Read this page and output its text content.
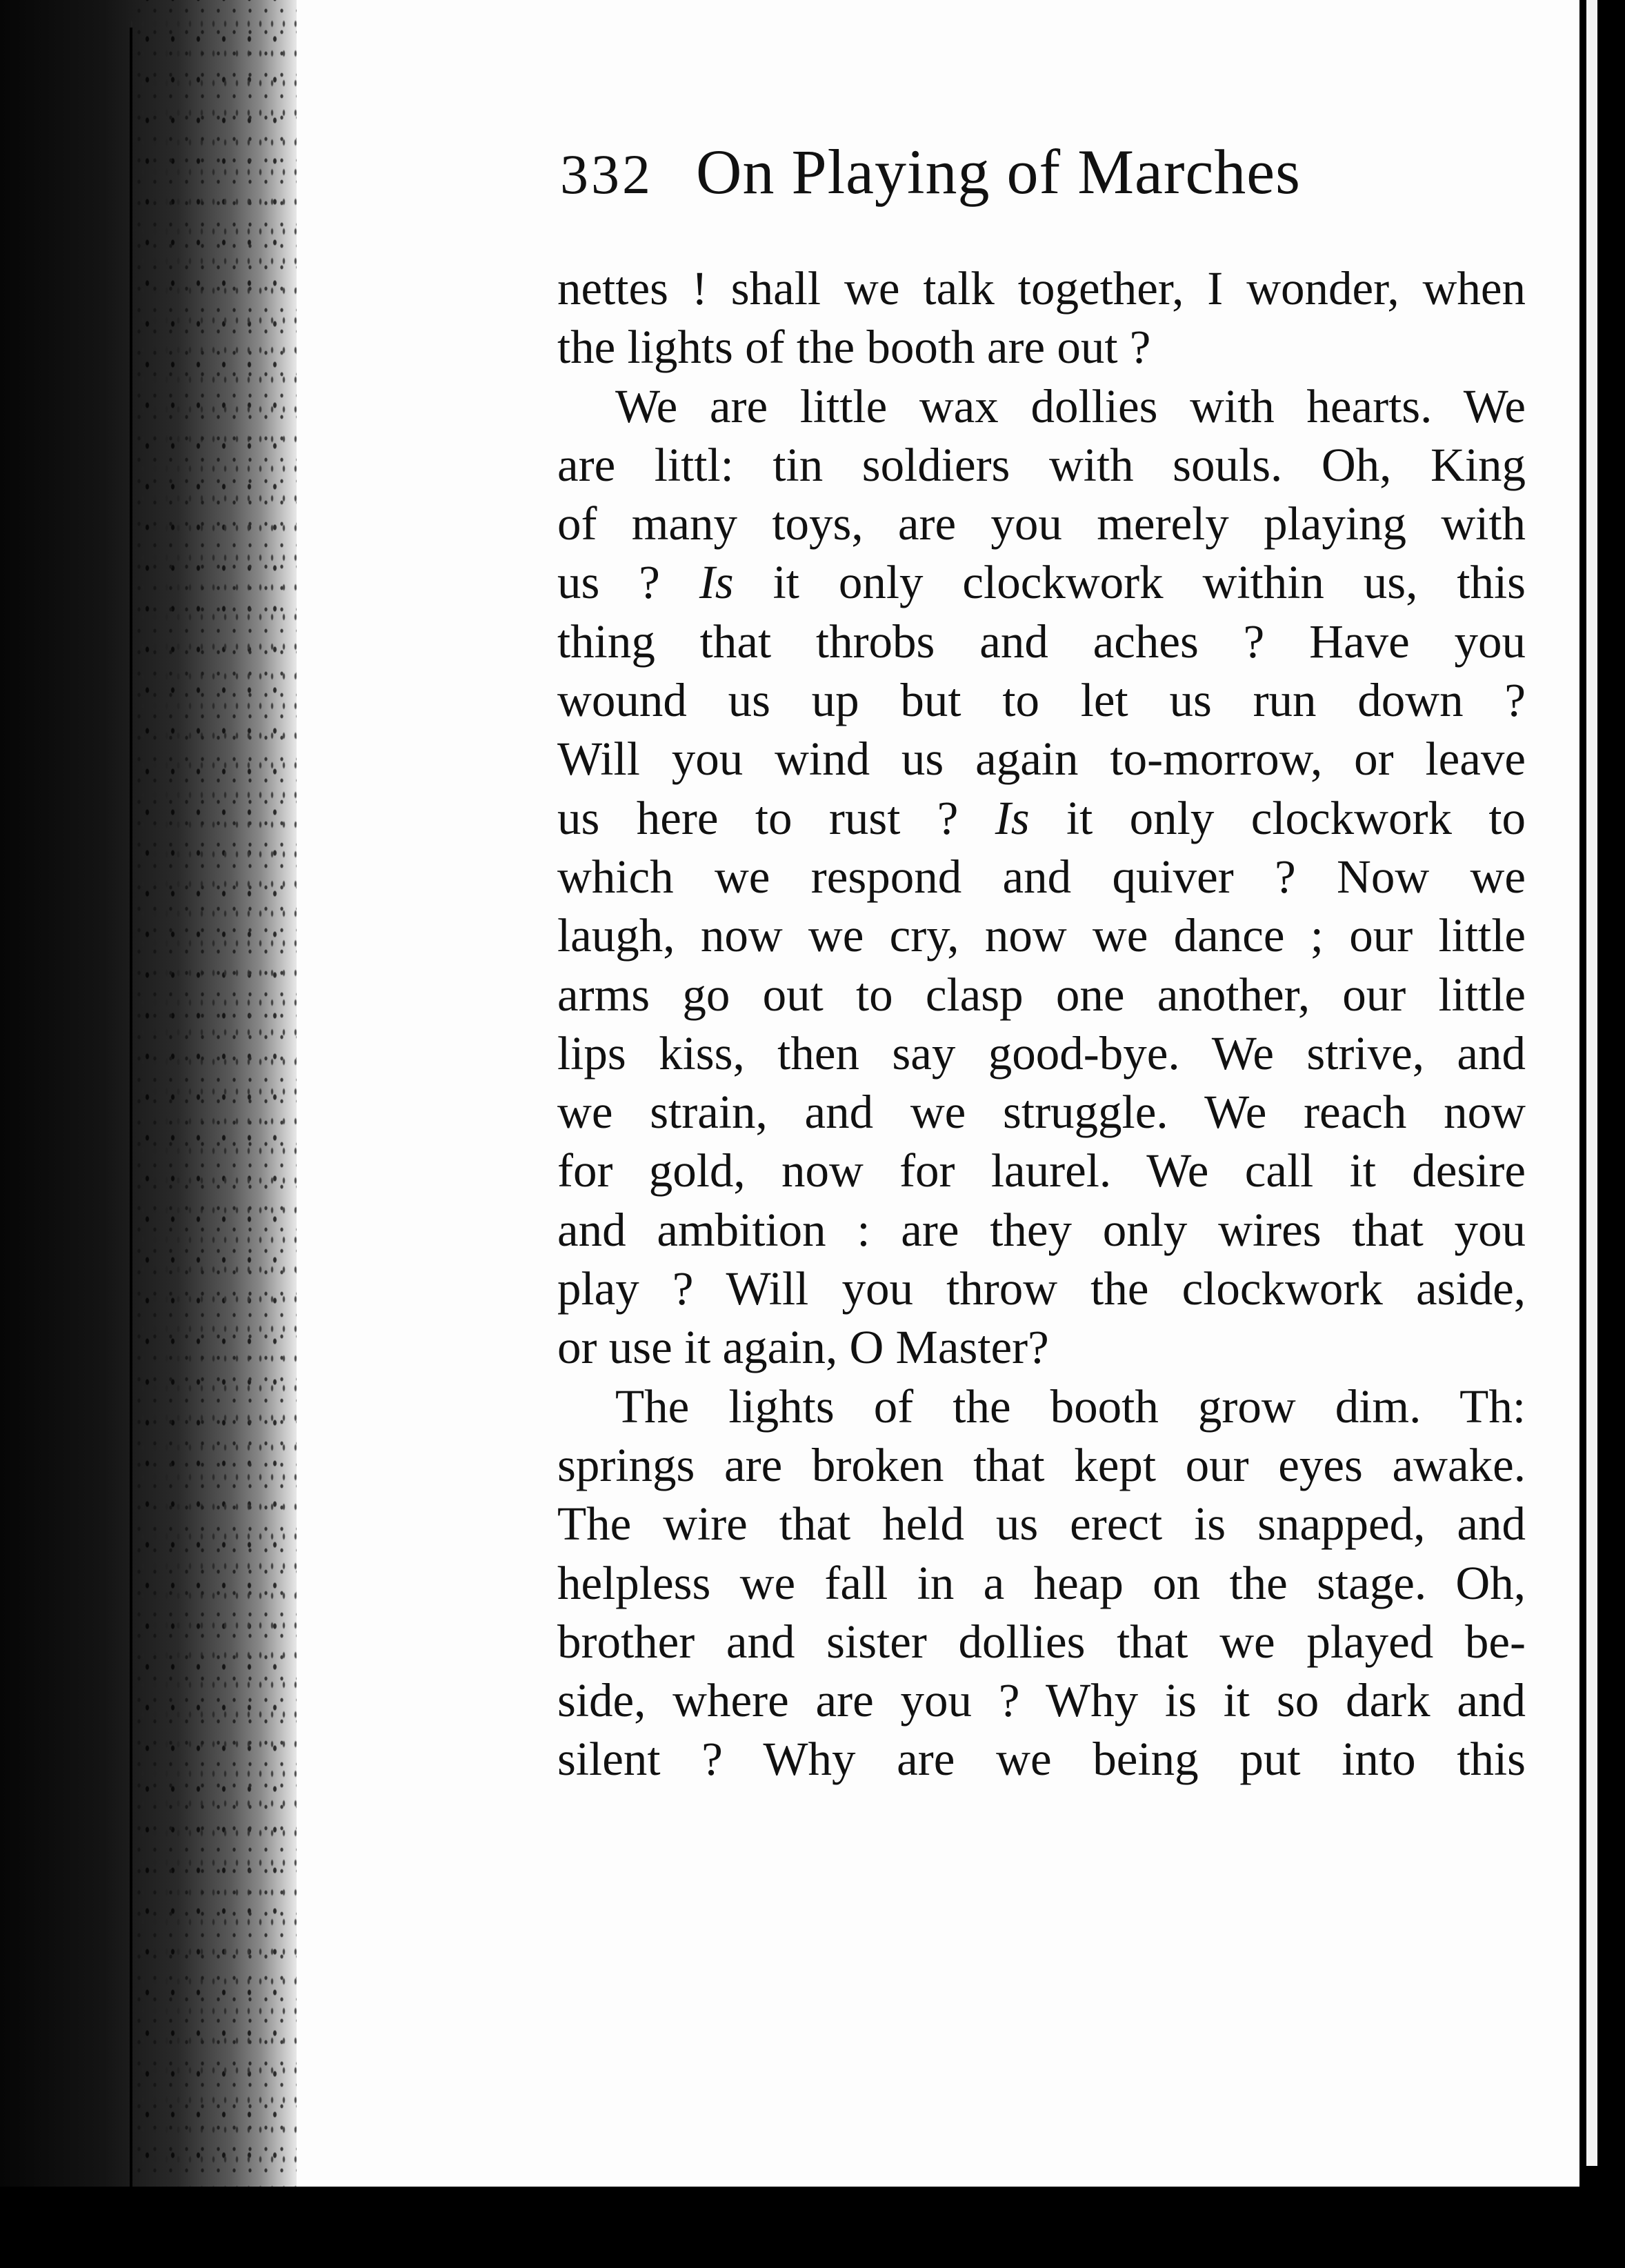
332 On Playing of Marches
nettes ! shall we talk together, I wonder, when
the lights of the booth are out ?
We are little wax dollies with hearts. We
are littl: tin soldiers with souls. Oh, King
of many toys, are you merely playing with
us ? Is it only clockwork within us, this
thing that throbs and aches ? Have you
wound us up but to let us run down ?
Will you wind us again to-morrow, or leave
us here to rust ? Is it only clockwork to
which we respond and quiver ? Now we
laugh, now we cry, now we dance ; our little
arms go out to clasp one another, our little
lips kiss, then say good-bye. We strive, and
we strain, and we struggle. We reach now
for gold, now for laurel. We call it desire
and ambition : are they only wires that you
play ? Will you throw the clockwork aside,
or use it again, O Master?
The lights of the booth grow dim. Th:
springs are broken that kept our eyes awake.
The wire that held us erect is snapped, and
helpless we fall in a heap on the stage. Oh,
brother and sister dollies that we played be-
side, where are you ? Why is it so dark and
silent ? Why are we being put into this
